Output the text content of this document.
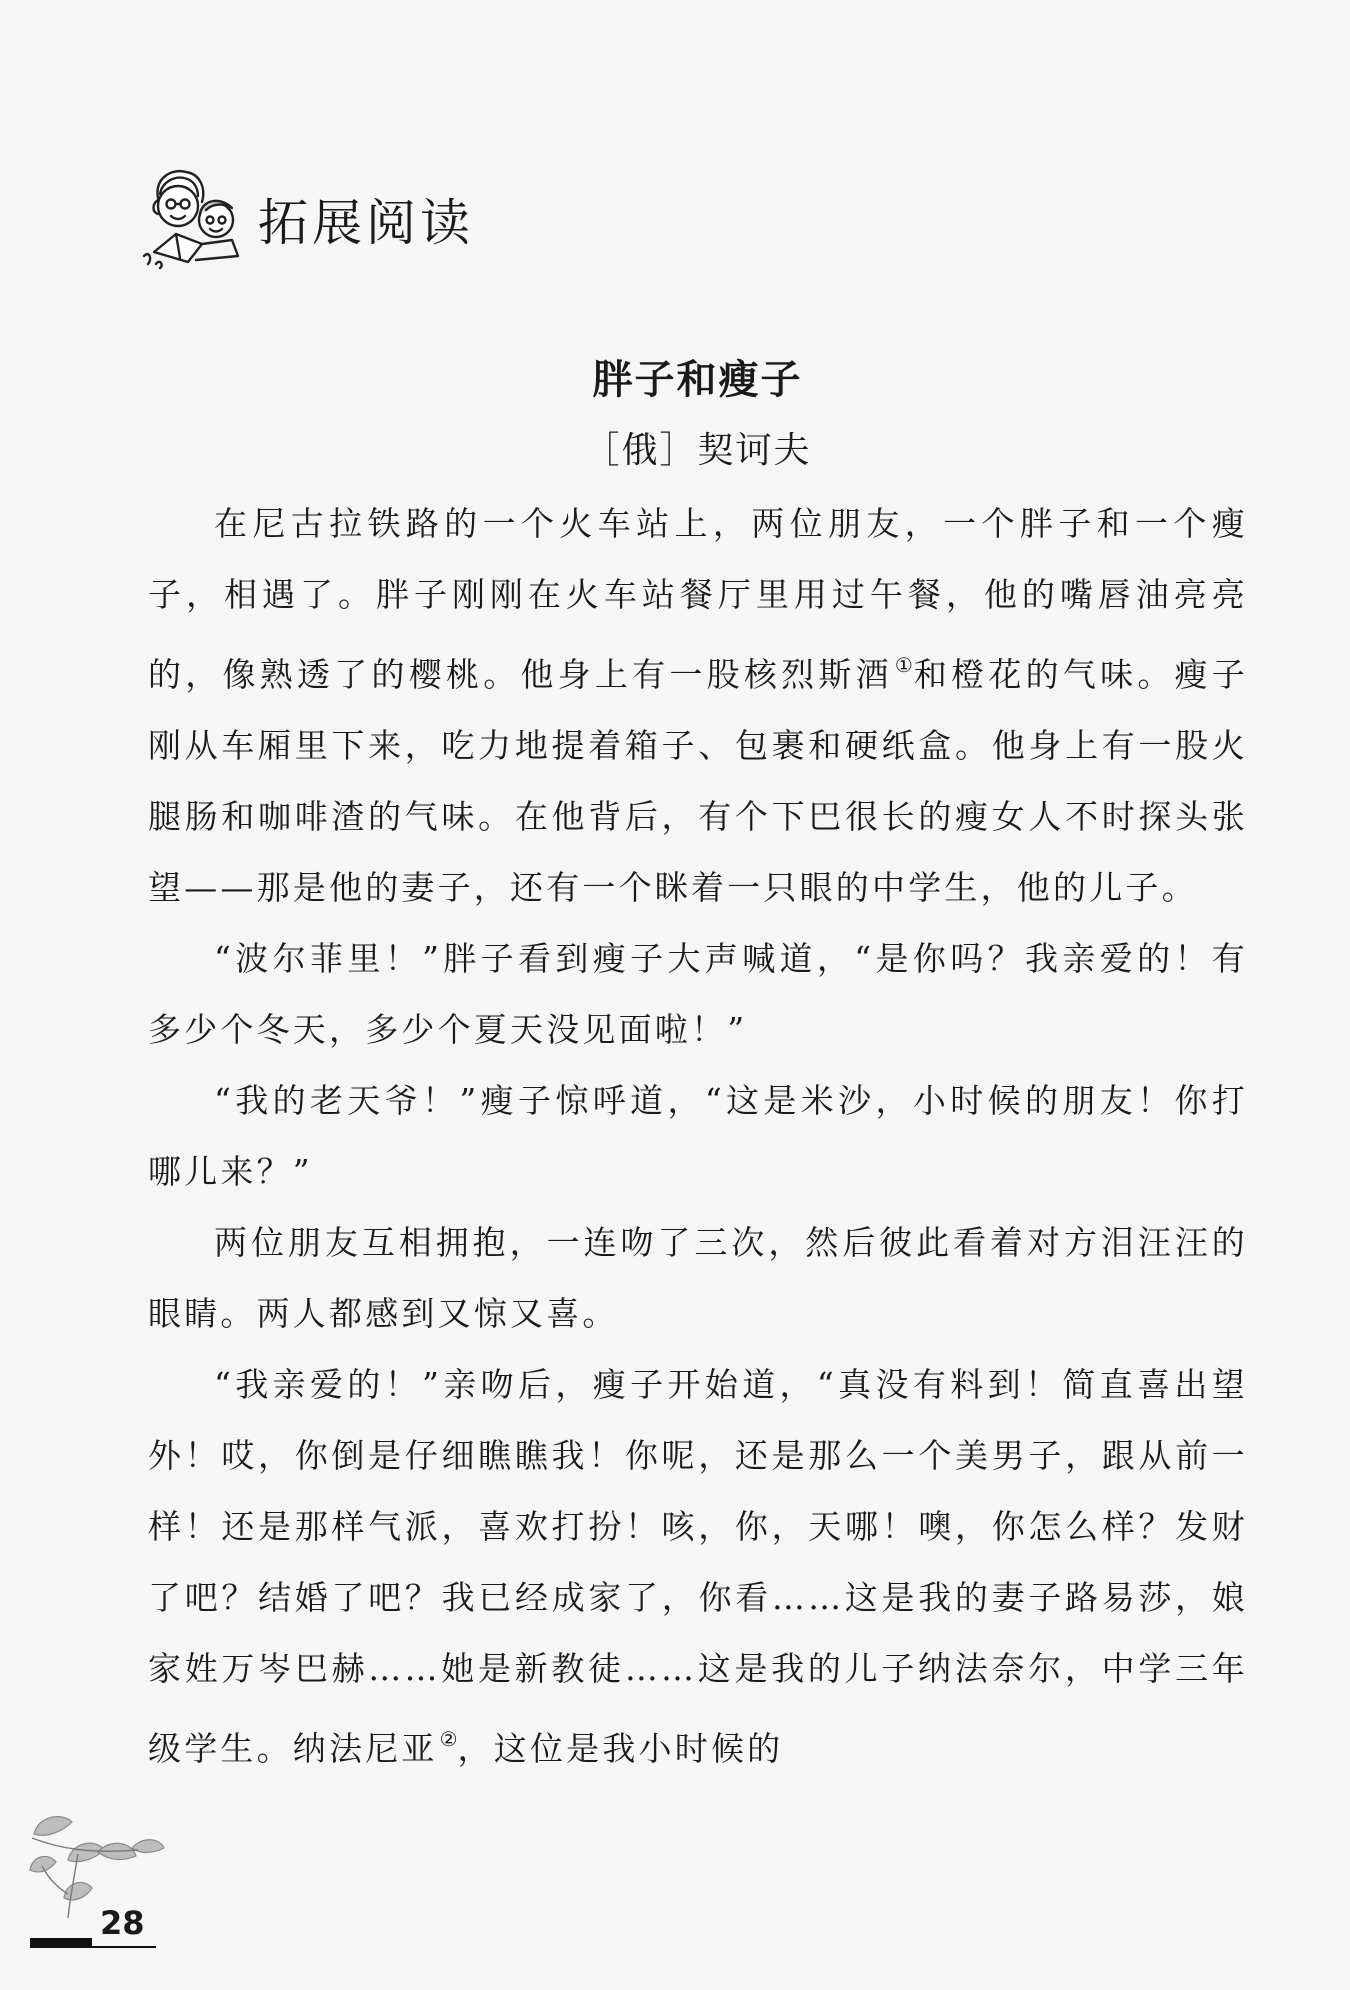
拓展阅读
胖子和瘦子
［俄］契诃夫

在尼古拉铁路的一个火车站上，两位朋友，一个胖子和一个瘦子，相遇了。胖子刚刚在火车站餐厅里用过午餐，他的嘴唇油亮亮的，像熟透了的樱桃。他身上有一股核烈斯酒 ①和橙花的气味。瘦子刚从车厢里下来，吃力地提着箱子、包裹和硬纸盒。他身上有一股火腿肠和咖啡渣的气味。在他背后，有个下巴很长的瘦女人不时探头张望——那是他的妻子，还有一个眯着一只眼的中学生，他的儿子。

“波尔菲里！”胖子看到瘦子大声喊道，“是你吗？我亲爱的！有多少个冬天，多少个夏天没见面啦！”

“我的老天爷！”瘦子惊呼道，“这是米沙，小时候的朋友！你打哪儿来？”

两位朋友互相拥抱，一连吻了三次，然后彼此看着对方泪汪汪的眼睛。两人都感到又惊又喜。

“我亲爱的！”亲吻后，瘦子开始道，“真没有料到！简直喜出望外！哎，你倒是仔细瞧瞧我！你呢，还是那么一个美男子，跟从前一样！还是那样气派，喜欢打扮！咳，你，天哪！噢，你怎么样？发财了吧？结婚了吧？我已经成家了，你看……这是我的妻子路易莎，娘家姓万岑巴赫……她是新教徒……这是我的儿子纳法奈尔，中学三年级学生。纳法尼亚 ②，这位是我小时候的

28
